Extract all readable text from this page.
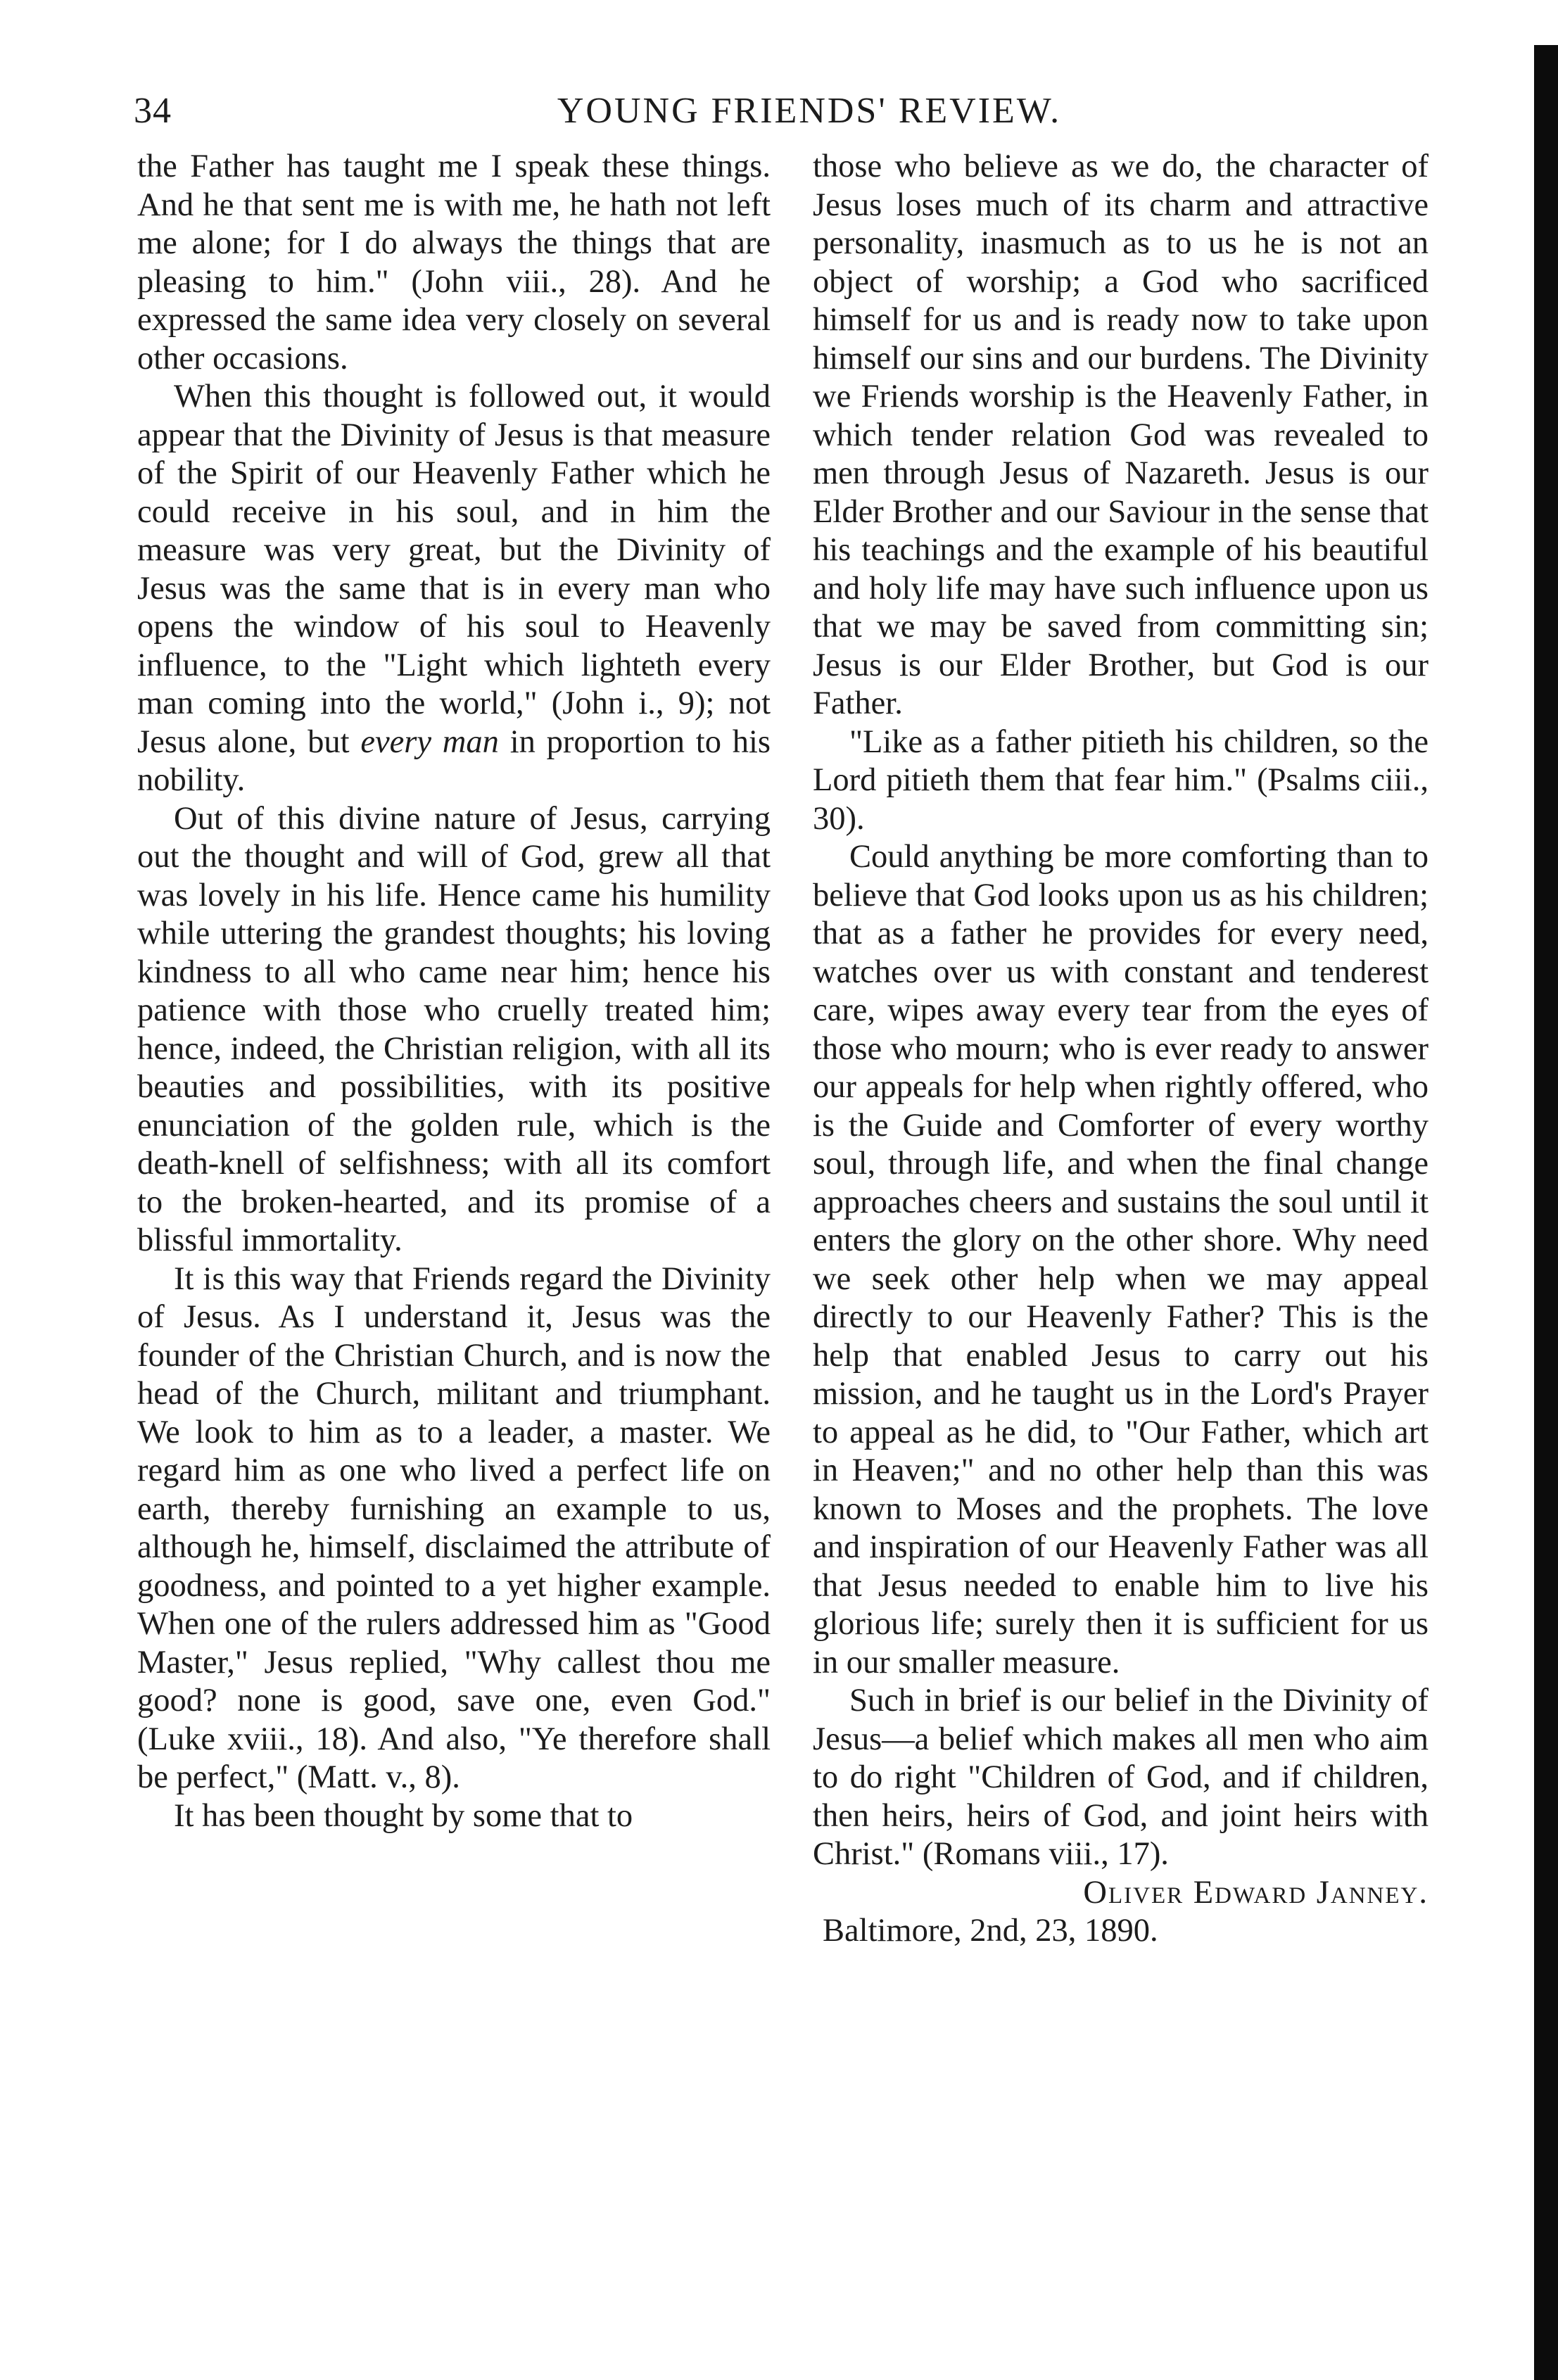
34	YOUNG FRIENDS' REVIEW.

the Father has taught me I speak these things. And he that sent me is with me, he hath not left me alone; for I do always the things that are pleasing to him." (John viii., 28). And he expressed the same idea very closely on several other occasions.

When this thought is followed out, it would appear that the Divinity of Jesus is that measure of the Spirit of our Heavenly Father which he could receive in his soul, and in him the measure was very great, but the Divinity of Jesus was the same that is in every man who opens the window of his soul to Heavenly influence, to the "Light which lighteth every man coming into the world," (John i., 9); not Jesus alone, but every man in proportion to his nobility.

Out of this divine nature of Jesus, carrying out the thought and will of God, grew all that was lovely in his life. Hence came his humility while uttering the grandest thoughts; his loving kindness to all who came near him; hence his patience with those who cruelly treated him; hence, indeed, the Christian religion, with all its beauties and possibilities, with its positive enunciation of the golden rule, which is the death-knell of selfishness; with all its comfort to the broken-hearted, and its promise of a blissful immortality.

It is this way that Friends regard the Divinity of Jesus. As I understand it, Jesus was the founder of the Christian Church, and is now the head of the Church, militant and triumphant. We look to him as to a leader, a master. We regard him as one who lived a perfect life on earth, thereby furnishing an example to us, although he, himself, disclaimed the attribute of goodness, and pointed to a yet higher example. When one of the rulers addressed him as "Good Master," Jesus replied, "Why callest thou me good? none is good, save one, even God." (Luke xviii., 18). And also, "Ye therefore shall be perfect," (Matt. v., 8).

It has been thought by some that to

those who believe as we do, the character of Jesus loses much of its charm and attractive personality, inasmuch as to us he is not an object of worship; a God who sacrificed himself for us and is ready now to take upon himself our sins and our burdens. The Divinity we Friends worship is the Heavenly Father, in which tender relation God was revealed to men through Jesus of Nazareth. Jesus is our Elder Brother and our Saviour in the sense that his teachings and the example of his beautiful and holy life may have such influence upon us that we may be saved from committing sin; Jesus is our Elder Brother, but God is our Father.

"Like as a father pitieth his children, so the Lord pitieth them that fear him." (Psalms ciii., 30).

Could anything be more comforting than to believe that God looks upon us as his children; that as a father he provides for every need, watches over us with constant and tenderest care, wipes away every tear from the eyes of those who mourn; who is ever ready to answer our appeals for help when rightly offered, who is the Guide and Comforter of every worthy soul, through life, and when the final change approaches cheers and sustains the soul until it enters the glory on the other shore. Why need we seek other help when we may appeal directly to our Heavenly Father? This is the help that enabled Jesus to carry out his mission, and he taught us in the Lord's Prayer to appeal as he did, to "Our Father, which art in Heaven;" and no other help than this was known to Moses and the prophets. The love and inspiration of our Heavenly Father was all that Jesus needed to enable him to live his glorious life; surely then it is sufficient for us in our smaller measure.

Such in brief is our belief in the Divinity of Jesus—a belief which makes all men who aim to do right "Children of God, and if children, then heirs, heirs of God, and joint heirs with Christ." (Romans viii., 17).

Oliver Edward Janney.

Baltimore, 2nd, 23, 1890.
